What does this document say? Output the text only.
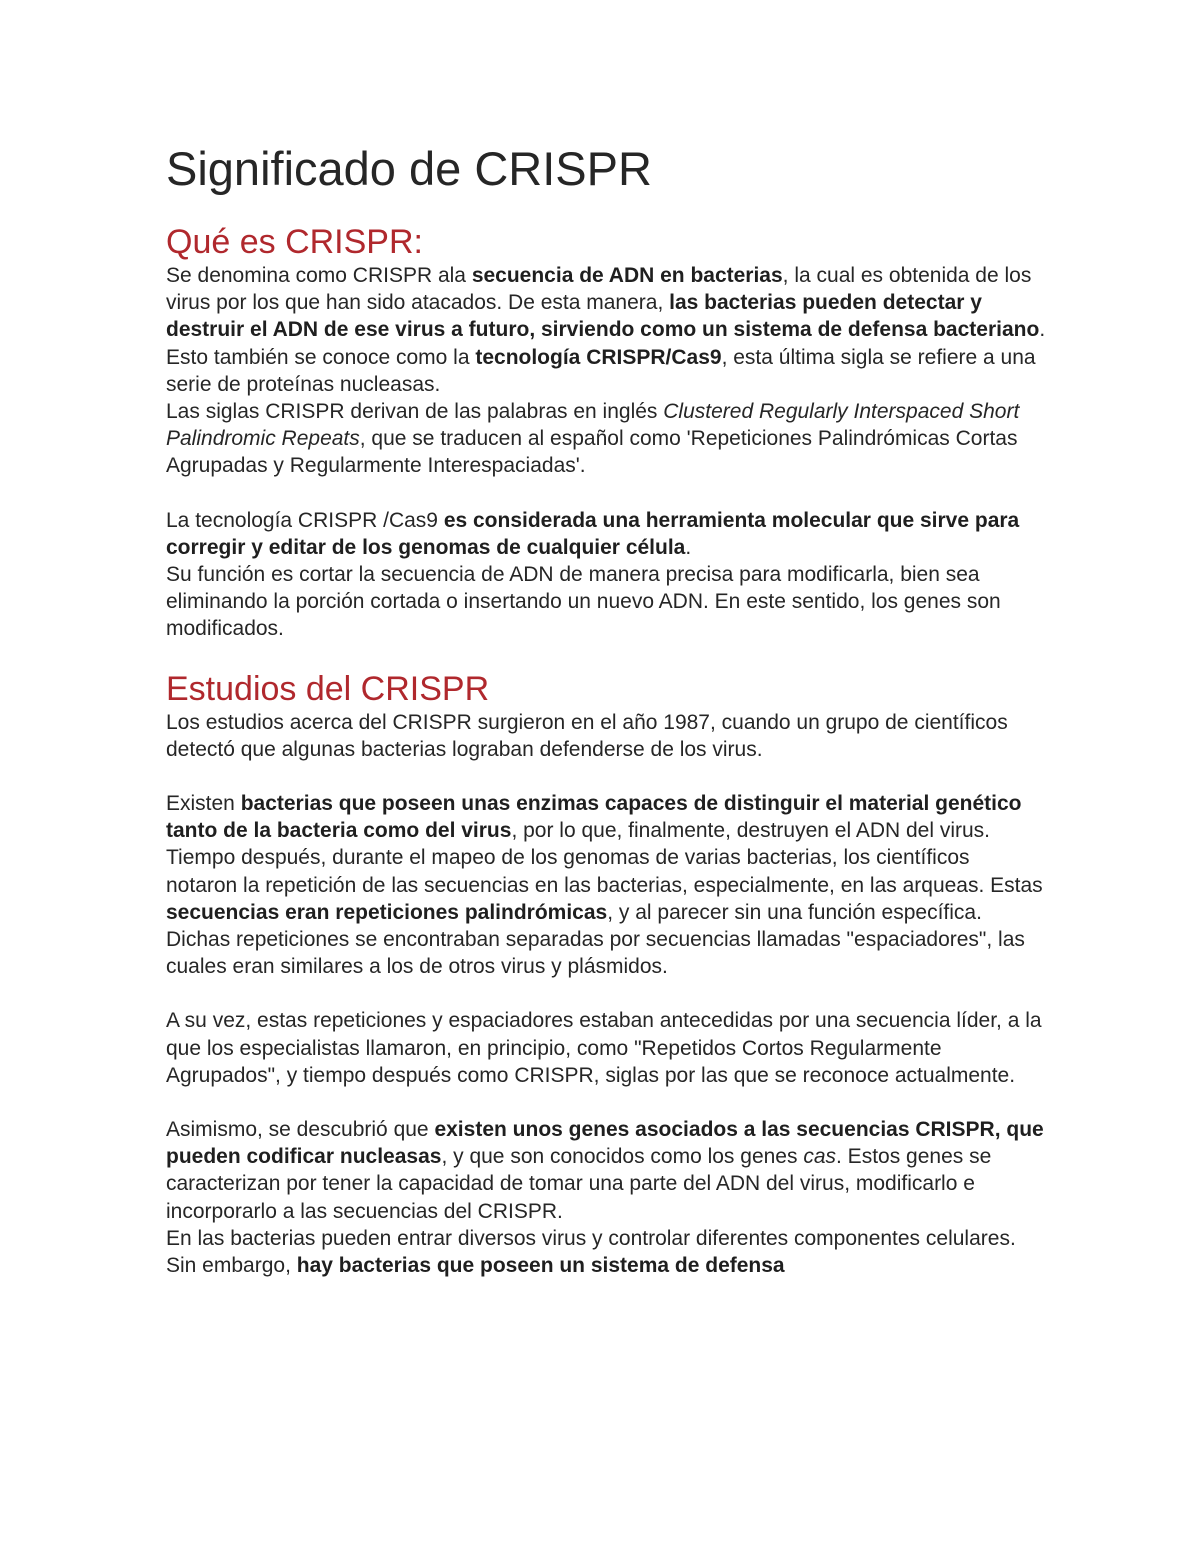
Significado de CRISPR
Qué es CRISPR:

Se denomina como CRISPR ala secuencia de ADN en bacterias, la cual es obtenida de los virus por los que han sido atacados. De esta manera, las bacterias pueden detectar y destruir el ADN de ese virus a futuro, sirviendo como un sistema de defensa bacteriano.

Esto también se conoce como la tecnología CRISPR/Cas9, esta última sigla se refiere a una serie de proteínas nucleasas.

Las siglas CRISPR derivan de las palabras en inglés Clustered Regularly Interspaced Short Palindromic Repeats, que se traducen al español como 'Repeticiones Palindrómicas Cortas Agrupadas y Regularmente Interespaciadas'.

La tecnología CRISPR /Cas9 es considerada una herramienta molecular que sirve para corregir y editar de los genomas de cualquier célula.

Su función es cortar la secuencia de ADN de manera precisa para modificarla, bien sea eliminando la porción cortada o insertando un nuevo ADN. En este sentido, los genes son modificados.

Estudios del CRISPR

Los estudios acerca del CRISPR surgieron en el año 1987, cuando un grupo de científicos detectó que algunas bacterias lograban defenderse de los virus.

Existen bacterias que poseen unas enzimas capaces de distinguir el material genético tanto de la bacteria como del virus, por lo que, finalmente, destruyen el ADN del virus.

Tiempo después, durante el mapeo de los genomas de varias bacterias, los científicos notaron la repetición de las secuencias en las bacterias, especialmente, en las arqueas. Estas secuencias eran repeticiones palindrómicas, y al parecer sin una función específica.

Dichas repeticiones se encontraban separadas por secuencias llamadas "espaciadores", las cuales eran similares a los de otros virus y plásmidos.

A su vez, estas repeticiones y espaciadores estaban antecedidas por una secuencia líder, a la que los especialistas llamaron, en principio, como "Repetidos Cortos Regularmente Agrupados", y tiempo después como CRISPR, siglas por las que se reconoce actualmente.

Asimismo, se descubrió que existen unos genes asociados a las secuencias CRISPR, que pueden codificar nucleasas, y que son conocidos como los genes cas. Estos genes se caracterizan por tener la capacidad de tomar una parte del ADN del virus, modificarlo e incorporarlo a las secuencias del CRISPR.

En las bacterias pueden entrar diversos virus y controlar diferentes componentes celulares. Sin embargo, hay bacterias que poseen un sistema de defensa
